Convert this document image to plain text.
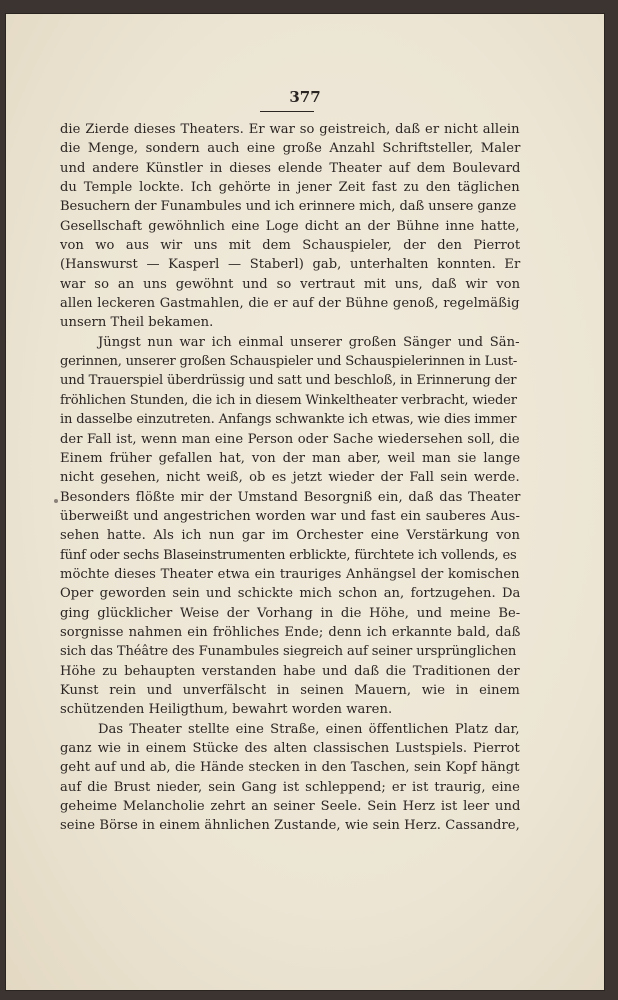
377
die Zierde dieses Theaters. Er war so geistreich, daß er nicht allein
die Menge, sondern auch eine große Anzahl Schriftsteller, Maler
und andere Künstler in dieses elende Theater auf dem Boulevard
du Temple lockte. Ich gehörte in jener Zeit fast zu den täglichen
Besuchern der Funambules und ich erinnere mich, daß unsere ganze
Gesellschaft gewöhnlich eine Loge dicht an der Bühne inne hatte,
von wo aus wir uns mit dem Schauspieler, der den Pierrot
(Hanswurst — Kasperl — Staberl) gab, unterhalten konnten. Er
war so an uns gewöhnt und so vertraut mit uns, daß wir von
allen leckeren Gastmahlen, die er auf der Bühne genoß, regelmäßig
unsern Theil bekamen.
Jüngst nun war ich einmal unserer großen Sänger und Sän-
gerinnen, unserer großen Schauspieler und Schauspielerinnen in Lust-
und Trauerspiel überdrüssig und satt und beschloß, in Erinnerung der
fröhlichen Stunden, die ich in diesem Winkeltheater verbracht, wieder
in dasselbe einzutreten. Anfangs schwankte ich etwas, wie dies immer
der Fall ist, wenn man eine Person oder Sache wiedersehen soll, die
Einem früher gefallen hat, von der man aber, weil man sie lange
nicht gesehen, nicht weiß, ob es jetzt wieder der Fall sein werde.
Besonders flößte mir der Umstand Besorgniß ein, daß das Theater
überweißt und angestrichen worden war und fast ein sauberes Aus-
sehen hatte. Als ich nun gar im Orchester eine Verstärkung von
fünf oder sechs Blaseinstrumenten erblickte, fürchtete ich vollends, es
möchte dieses Theater etwa ein trauriges Anhängsel der komischen
Oper geworden sein und schickte mich schon an, fortzugehen. Da
ging glücklicher Weise der Vorhang in die Höhe, und meine Be-
sorgnisse nahmen ein fröhliches Ende; denn ich erkannte bald, daß
sich das Théâtre des Funambules siegreich auf seiner ursprünglichen
Höhe zu behaupten verstanden habe und daß die Traditionen der
Kunst rein und unverfälscht in seinen Mauern, wie in einem
schützenden Heiligthum, bewahrt worden waren.
Das Theater stellte eine Straße, einen öffentlichen Platz dar,
ganz wie in einem Stücke des alten classischen Lustspiels. Pierrot
geht auf und ab, die Hände stecken in den Taschen, sein Kopf hängt
auf die Brust nieder, sein Gang ist schleppend; er ist traurig, eine
geheime Melancholie zehrt an seiner Seele. Sein Herz ist leer und
seine Börse in einem ähnlichen Zustande, wie sein Herz. Cassandre,
